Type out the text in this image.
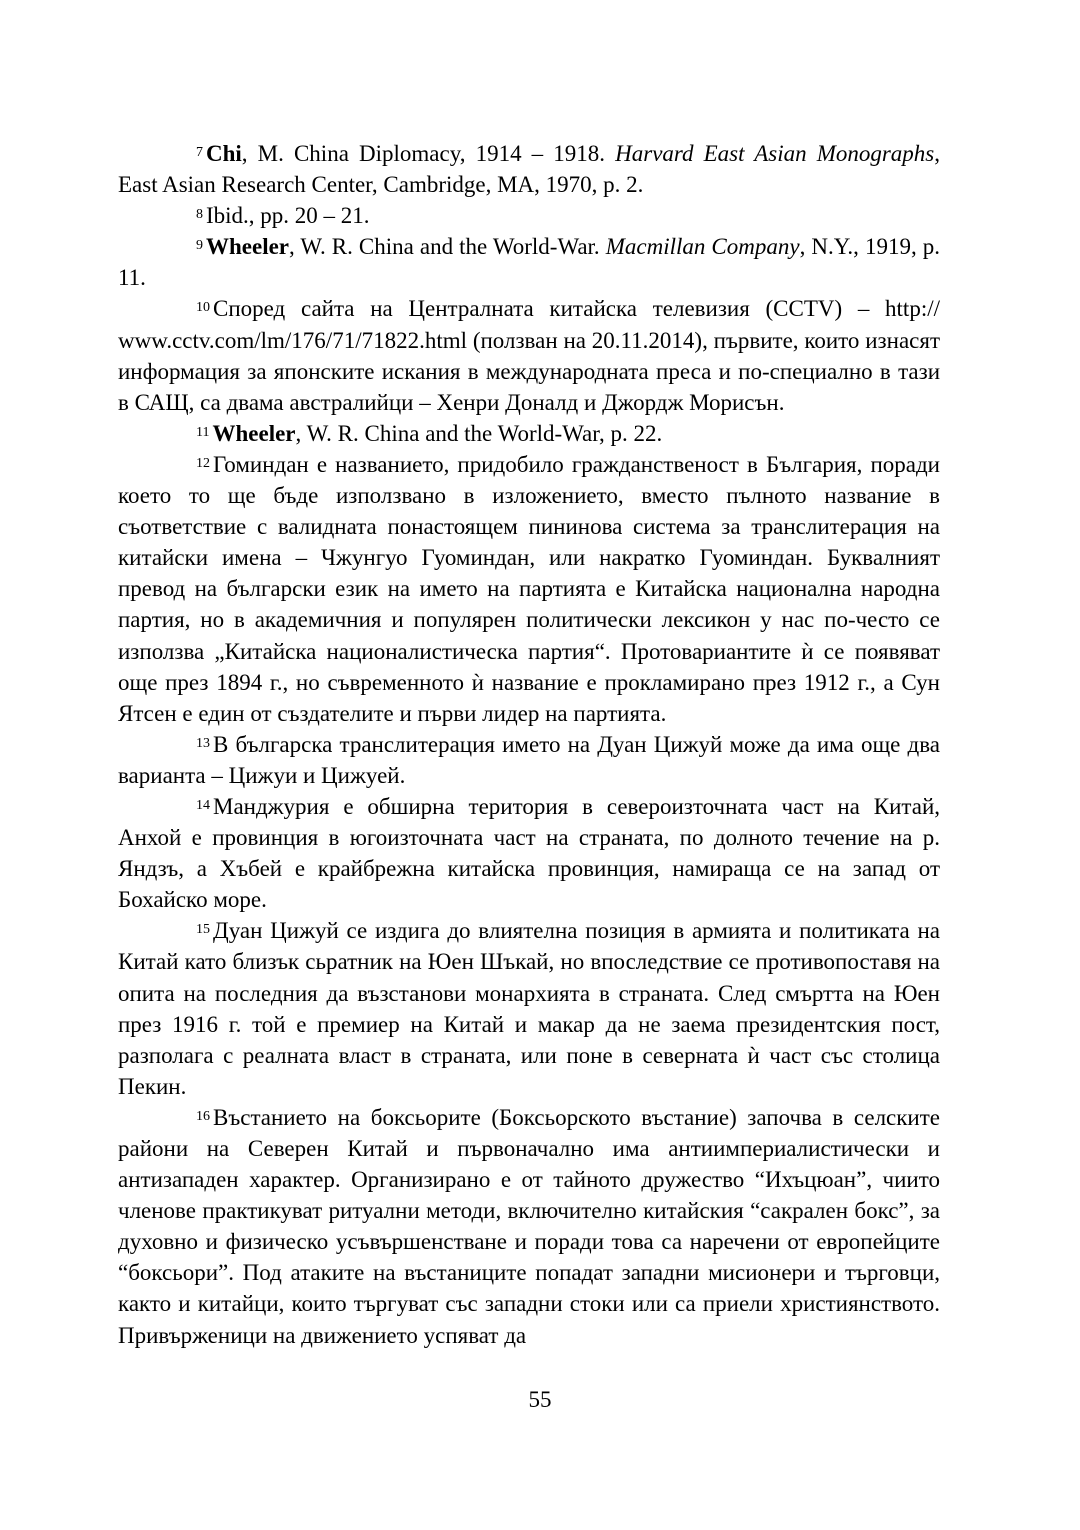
$^7$ Chi, M. China Diplomacy, 1914 – 1918. Harvard East Asian Monographs, East Asian Research Center, Cambridge, MA, 1970, p. 2.

$^8$ Ibid., pp. 20 – 21.

$^9$ Wheeler, W. R. China and the World-War. Macmillan Company, N.Y., 1919, p. 11.

$^{10}$ Според сайта на Централната китайска телевизия (CCTV) – http:// www.cctv.com/lm/176/71/71822.html (ползван на 20.11.2014), първите, които изнасят информация за японските искания в международната преса и по-специално в тази в САЩ, са двама австралийци – Хенри Доналд и Джордж Морисън.

$^{11}$ Wheeler, W. R. China and the World-War, p. 22.

$^{12}$ Гоминдан е названието, придобило гражданственост в България, поради което то ще бъде използвано в изложението, вместо пълното название в съответствие с валидната понастоящем пининова система за транслитерация на китайски имена – Чжунгуо Гуоминдан, или накратко Гуоминдан. Буквалният превод на български език на името на партията е Китайска национална народна партия, но в академичния и популярен политически лексикон у нас по-често се използва „Китайска националистическа партия“. Протовариантите ѝ се появяват още през 1894 г., но съвременното ѝ название е прокламирано през 1912 г., а Сун Ятсен е един от създателите и първи лидер на партията.

$^{13}$ В българска транслитерация името на Дуан Цижуй може да има още два варианта – Цижуи и Цижуей.

$^{14}$ Манджурия е обширна територия в североизточната част на Китай, Анхой е провинция в югоизточната част на страната, по долното течение на р. Яндзъ, а Хъбей е крайбрежна китайска провинция, намираща се на запад от Бохайско море.

$^{15}$ Дуан Цижуй се издига до влиятелна позиция в армията и политиката на Китай като близък сьратник на Юен Шъкай, но впоследствие се противопоставя на опита на последния да възстанови монархията в страната. След смъртта на Юен през 1916 г. той е премиер на Китай и макар да не заема президентския пост, разполага с реалната власт в страната, или поне в северната ѝ част със столица Пекин.

$^{16}$ Въстанието на боксьорите (Боксьорското въстание) започва в селските райони на Северен Китай и първоначално има антиимпериалистически и антизападен характер. Организирано е от тайното дружество “Ихъцюан”, чиито членове практикуват ритуални методи, включително китайския “сакрален бокс”, за духовно и физическо усъвършенстване и поради това са наречени от европейците “боксьори”. Под атаките на въстаниците попадат западни мисионери и търговци, както и китайци, които търгуват със западни стоки или са приели християнството. Привърженици на движението успяват да

55
